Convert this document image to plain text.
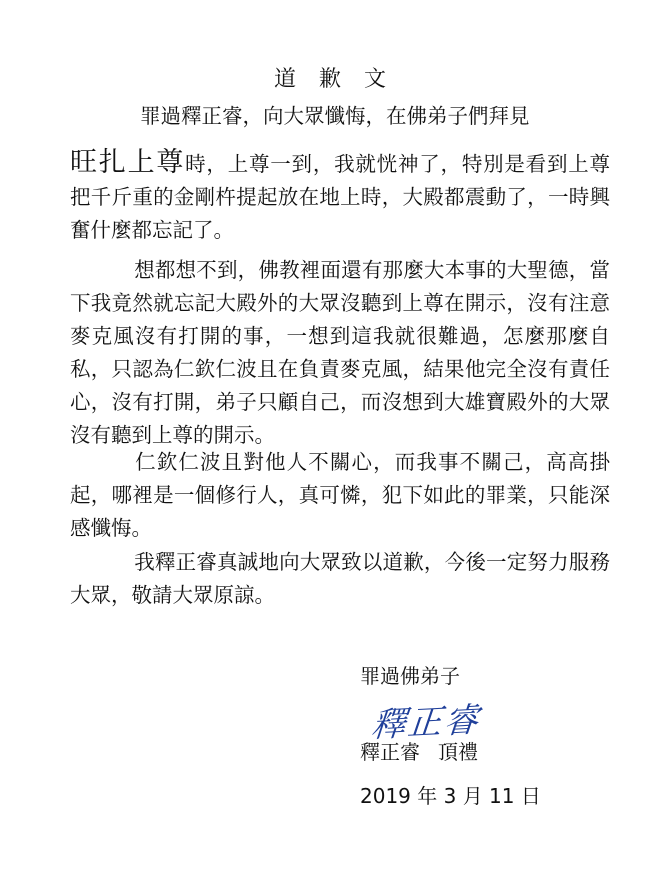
道 歉 文

罪過釋正睿，向大眾懺悔，在佛弟子們拜見

旺扎上尊時，上尊一到，我就恍神了，特別是看到上尊把千斤重的金剛杵提起放在地上時，大殿都震動了，一時興奮什麼都忘記了。

想都想不到，佛教裡面還有那麼大本事的大聖德，當下我竟然就忘記大殿外的大眾沒聽到上尊在開示，沒有注意麥克風沒有打開的事，一想到這我就很難過，怎麼那麼自私，只認為仁欽仁波且在負責麥克風，結果他完全沒有責任心，沒有打開，弟子只顧自己，而沒想到大雄寶殿外的大眾沒有聽到上尊的開示。

仁欽仁波且對他人不關心，而我事不關己，高高掛起，哪裡是一個修行人，真可憐，犯下如此的罪業，只能深感懺悔。

我釋正睿真誠地向大眾致以道歉，今後一定努力服務大眾，敬請大眾原諒。

罪過佛弟子
釋正睿
釋正睿 頂禮
2019 年 3 月 11 日
